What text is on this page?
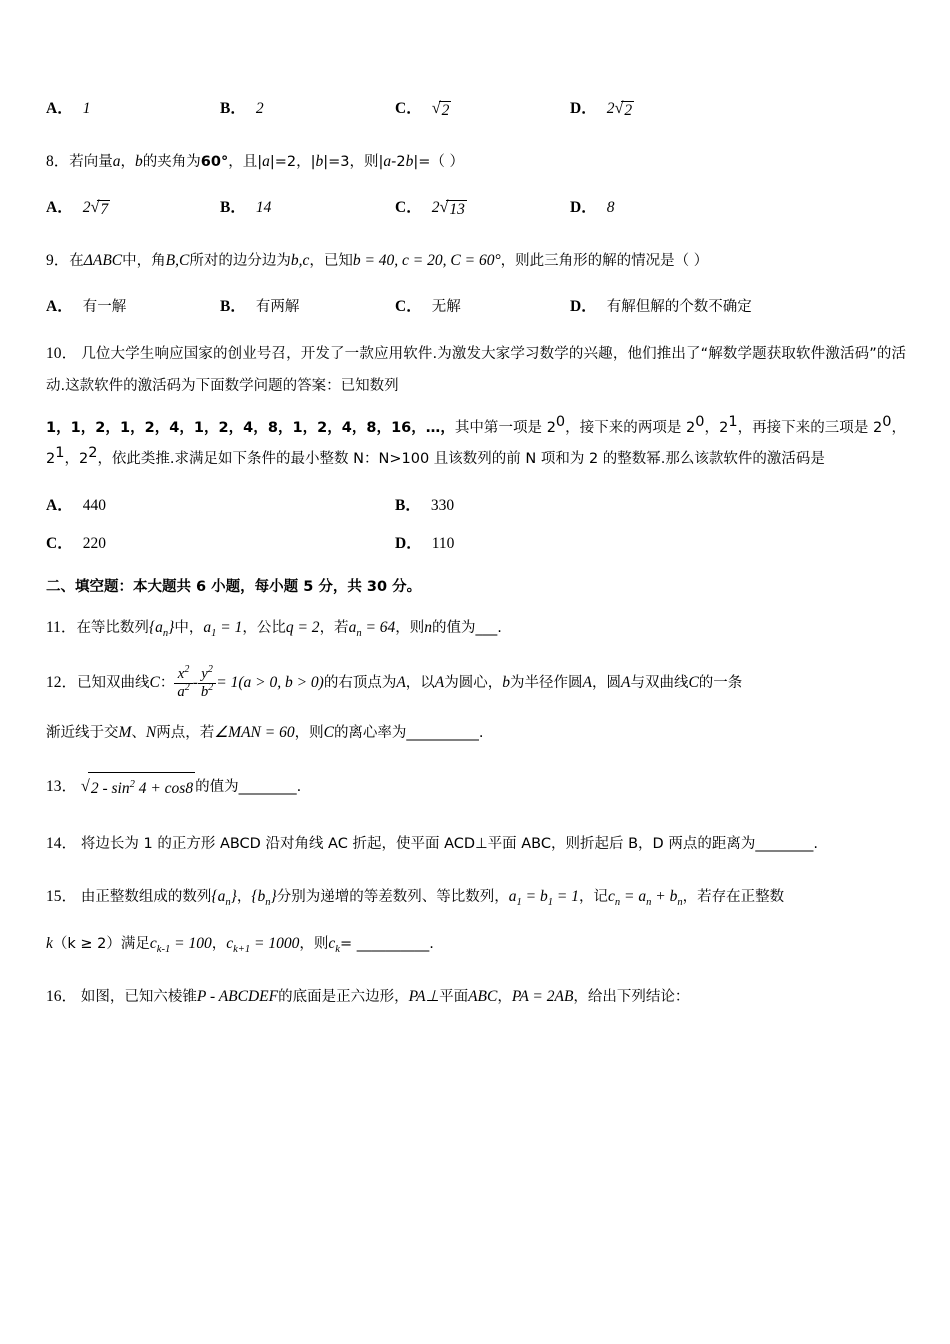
A． 1	B． 2	C． √ 2	D． 2 √ 2
8．若向量a，b的夹角为60°，且|a|=2，|b|=3，则|a-2b|=（ ）
A． 2 √ 7	B． 14	C． 2 √ 13	D． 8
9．在ΔABC中，角B,C所对的边分边为b,c，已知b = 40, c = 20, C = 60°，则此三角形的解的情况是（ ）
A． 有一解	B． 有两解	C． 无解	D． 有解但解的个数不确定
10． 几位大学生响应国家的创业号召，开发了一款应用软件.为激发大家学习数学的兴趣，他们推出了“解数学题获取软件激活码”的活动.这款软件的激活码为下面数学问题的答案：已知数列
1，1，2，1，2，4，1，2，4，8，1，2，4，8，16，…，其中第一项是 $2^0$，接下来的两项是 $2^0$，$2^1$，再接下来的三项是 $2^0$，$2^1$，$2^2$，依此类推.求满足如下条件的最小整数 N：N>100 且该数列的前 N 项和为 2 的整数幂.那么该款软件的激活码是
A． 440	B． 330
C． 220	D． 110
二、填空题：本大题共 6 小题，每小题 5 分，共 30 分。
11．在等比数列$\{a_n\}$中，$a_1 = 1$，公比q = 2，若$a_n = 64$，则n的值为___.
12．已知双曲线C： $\frac{x^2}{a^2} - \frac{y^2}{b^2} = 1(a > 0$, b > 0)的右顶点为A，以A为圆心，b为半径作圆A，圆A与双曲线C的一条
渐近线于交M、N两点，若∠MAN = 60，则C的离心率为__________.
13． √ $2 - \sin^2 4 + \cos 8$ 的值为________.
14． 将边长为 1 的正方形 ABCD 沿对角线 AC 折起，使平面 ACD⊥平面 ABC，则折起后 B，D 两点的距离为________.
15． 由正整数组成的数列$\{a_n\}$，$\{b_n\}$分别为递增的等差数列、等比数列，$a_1 = b_1 = 1$，记$c_n = a_n + b_n$，若存在正整数
k（k ≥ 2）满足$c_{k-1} = 100$，$c_{k+1} = 1000$，则$c_k=$ __________.
16． 如图，已知六棱锥P - ABCDEF的底面是正六边形，PA⊥平面ABC，PA = 2AB，给出下列结论：
